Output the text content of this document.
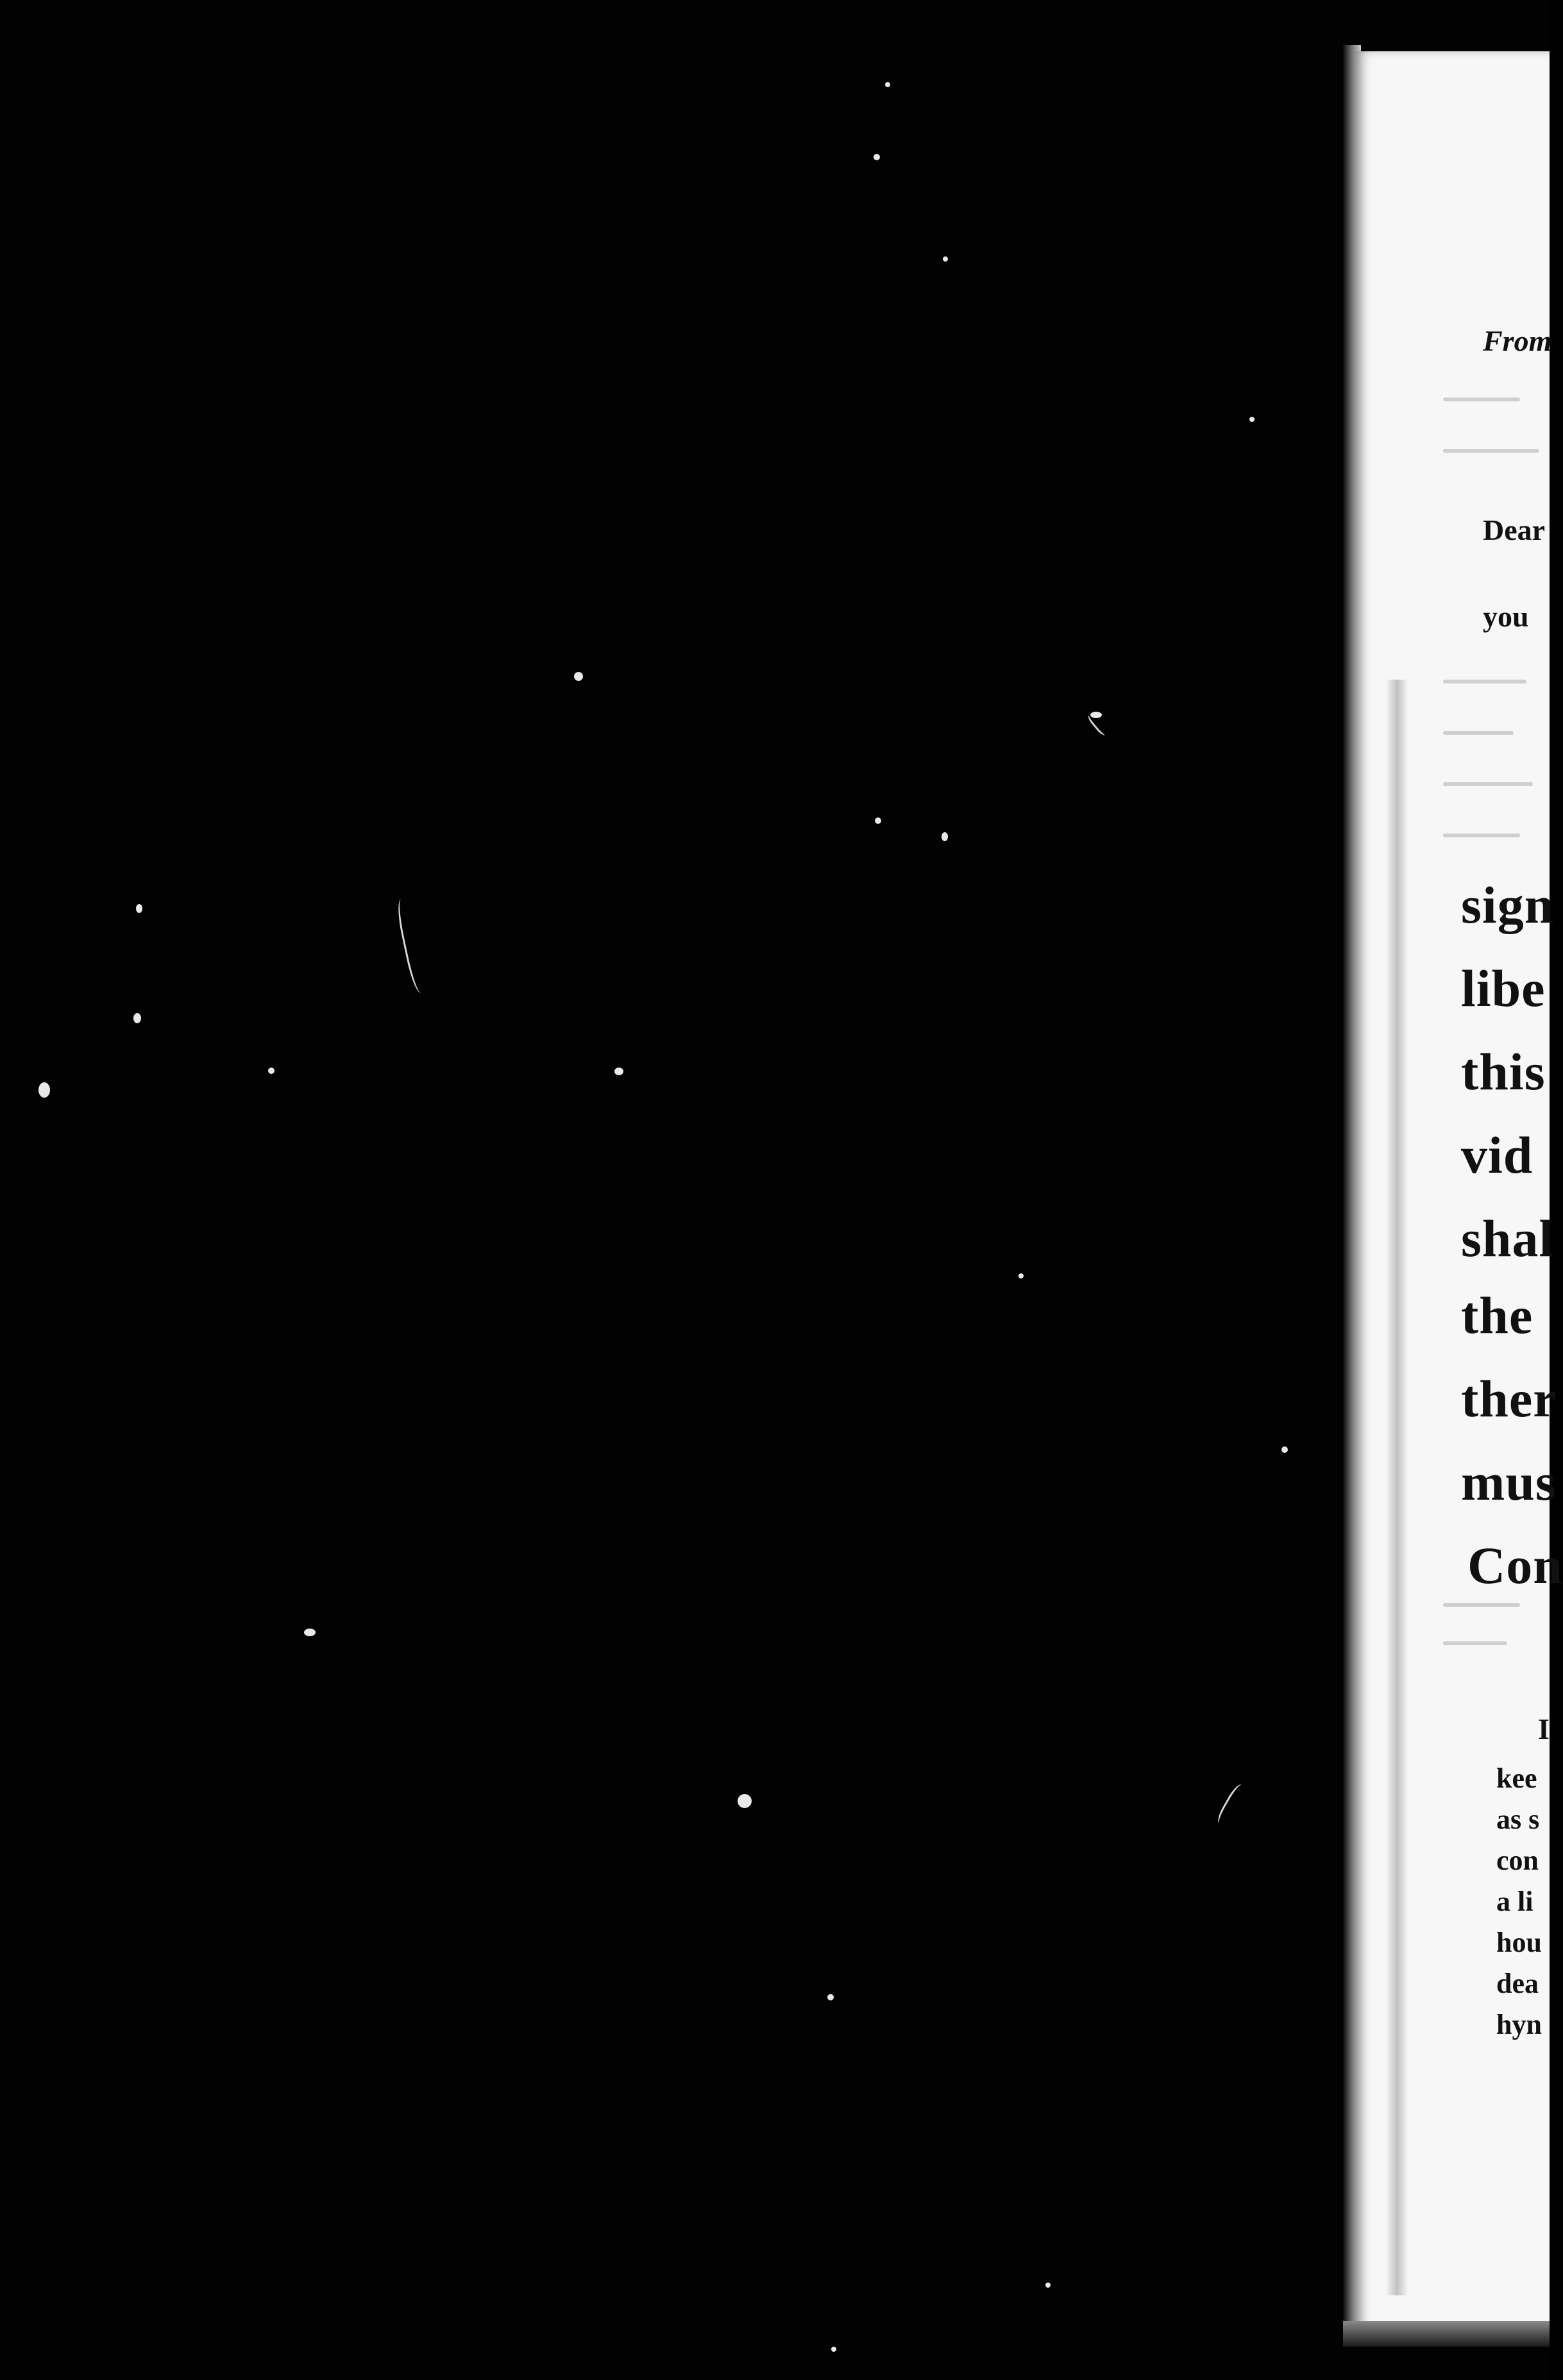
From
Dear
you
sign
libe
this
vid
shal
the
ther
mus
Con
I
kee
as s
con
a li
hou
dea
hyn
